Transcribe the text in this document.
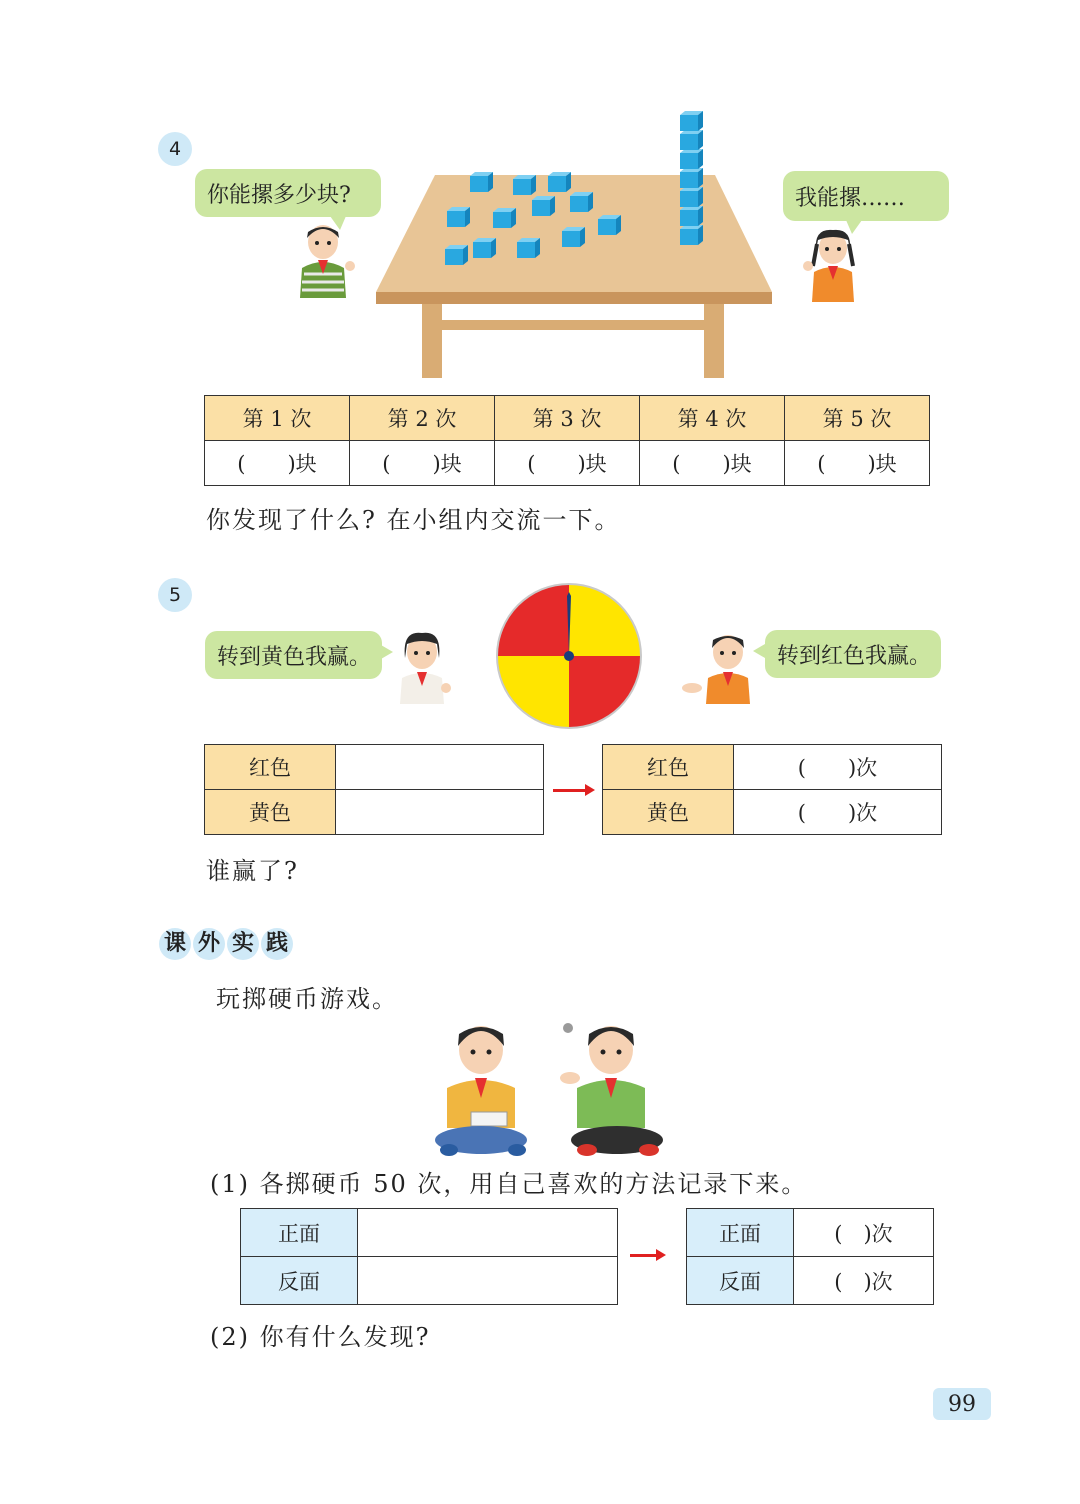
4
你能摞多少块?	我能摞……
第 1 次	第 2 次	第 3 次	第 4 次	第 5 次
(　　)块	(　　)块	(　　)块	(　　)块	(　　)块
你发现了什么? 在小组内交流一下。
5
转到黄色我赢。	转到红色我赢。
红色	
黄色	
红色	(　　)次
黄色	(　　)次
谁赢了?
课 外 实 践
玩掷硬币游戏。
(1) 各掷硬币 50 次，用自己喜欢的方法记录下来。
正面	
反面	
正面	(　)次
反面	(　)次
(2) 你有什么发现?
99
